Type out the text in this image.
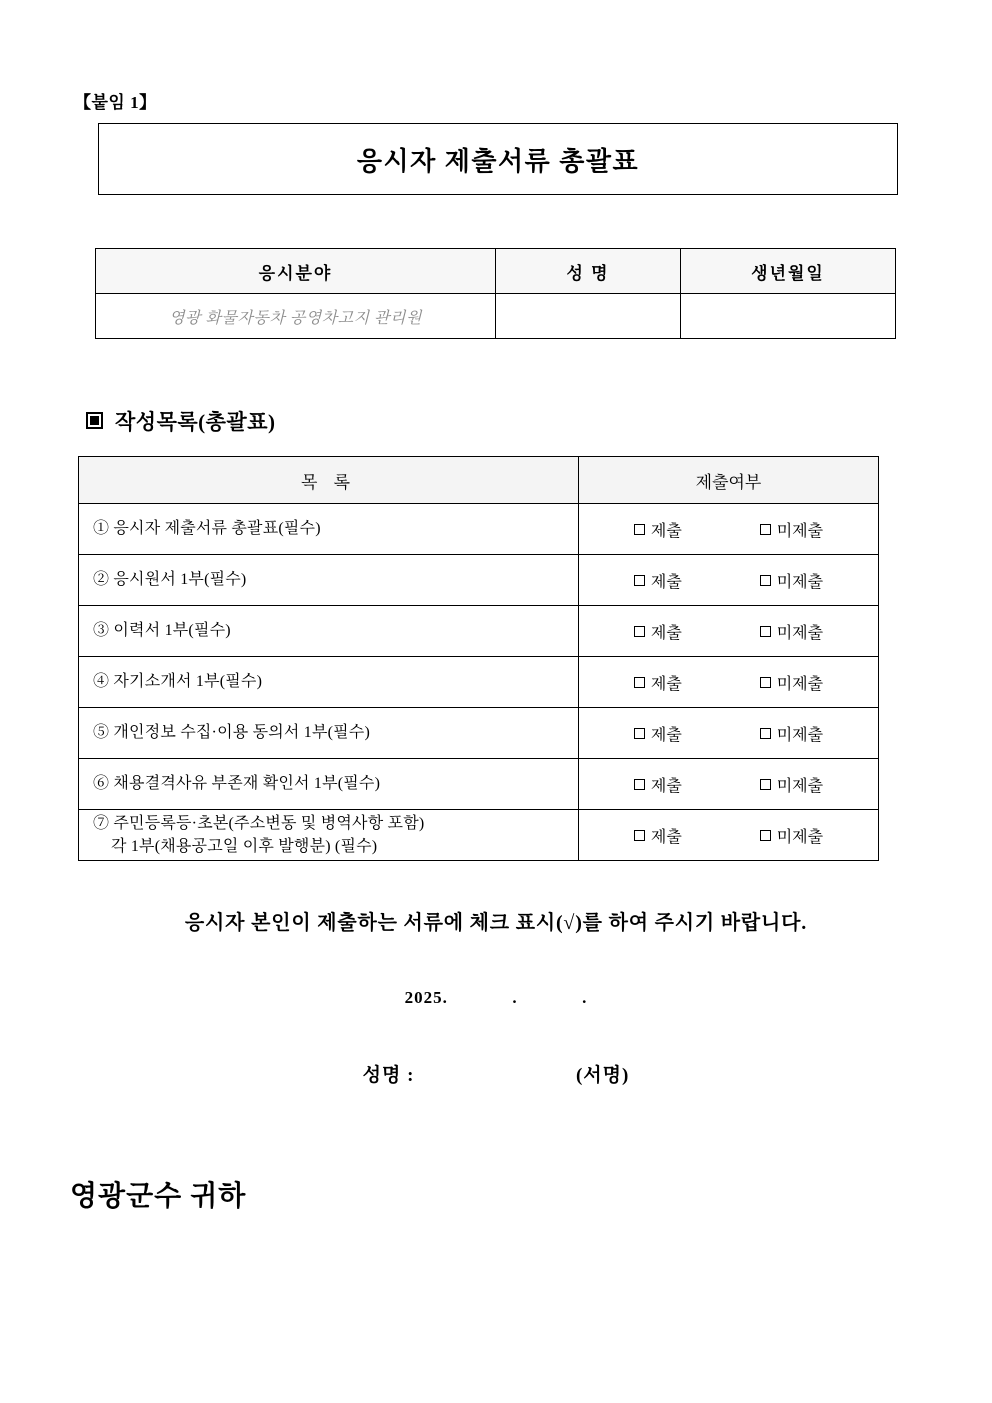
【붙임 1】
응시자 제출서류 총괄표
응시분야	성 명	생년월일
영광 화물자동차 공영차고지 관리원		
작성목록(총괄표)
목 록	제출여부
① 응시자 제출서류 총괄표(필수)	제출 미제출

② 응시원서 1부(필수)	제출 미제출

③ 이력서 1부(필수)	제출 미제출

④ 자기소개서 1부(필수)	제출 미제출

⑤ 개인정보 수집·이용 동의서 1부(필수)	제출 미제출

⑥ 채용결격사유 부존재 확인서 1부(필수)	제출 미제출

⑦ 주민등록등·초본(주소변동 및 병역사항 포함)
각 1부(채용공고일 이후 발행분) (필수)	제출 미제출
응시자 본인이 제출하는 서류에 체크 표시(√)를 하여 주시기 바랍니다.
2025.	.	.
성명 :	(서명)
영광군수 귀하
